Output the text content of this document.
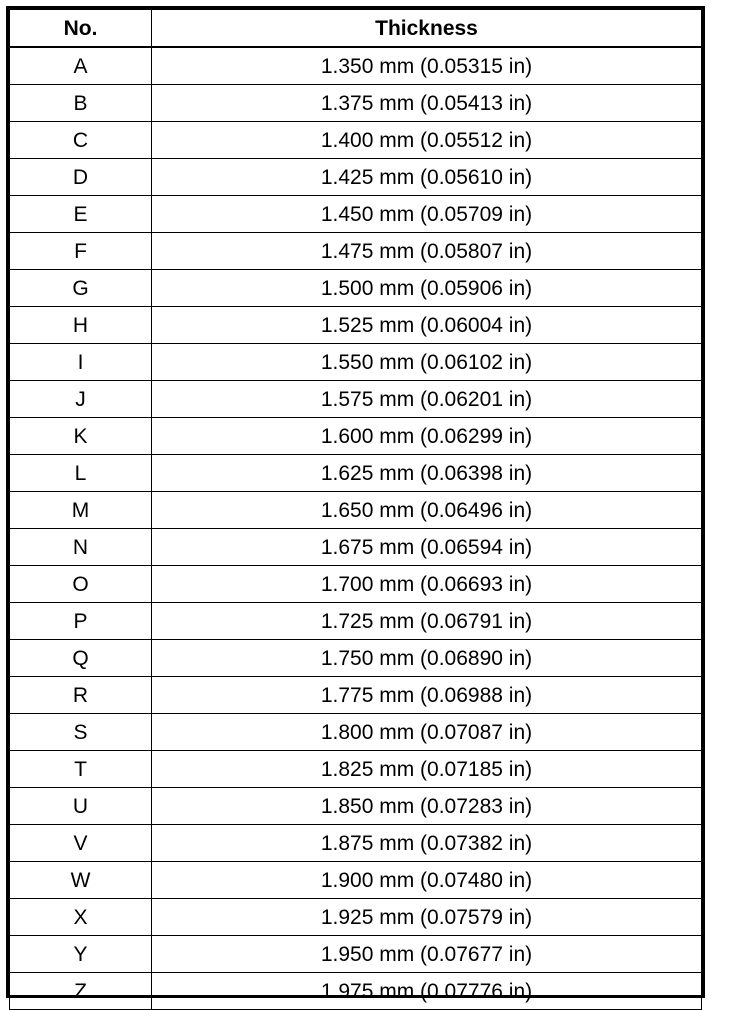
No.	Thickness
A	1.350 mm (0.05315 in)
B	1.375 mm (0.05413 in)
C	1.400 mm (0.05512 in)
D	1.425 mm (0.05610 in)
E	1.450 mm (0.05709 in)
F	1.475 mm (0.05807 in)
G	1.500 mm (0.05906 in)
H	1.525 mm (0.06004 in)
I	1.550 mm (0.06102 in)
J	1.575 mm (0.06201 in)
K	1.600 mm (0.06299 in)
L	1.625 mm (0.06398 in)
M	1.650 mm (0.06496 in)
N	1.675 mm (0.06594 in)
O	1.700 mm (0.06693 in)
P	1.725 mm (0.06791 in)
Q	1.750 mm (0.06890 in)
R	1.775 mm (0.06988 in)
S	1.800 mm (0.07087 in)
T	1.825 mm (0.07185 in)
U	1.850 mm (0.07283 in)
V	1.875 mm (0.07382 in)
W	1.900 mm (0.07480 in)
X	1.925 mm (0.07579 in)
Y	1.950 mm (0.07677 in)
Z	1.975 mm (0.07776 in)
